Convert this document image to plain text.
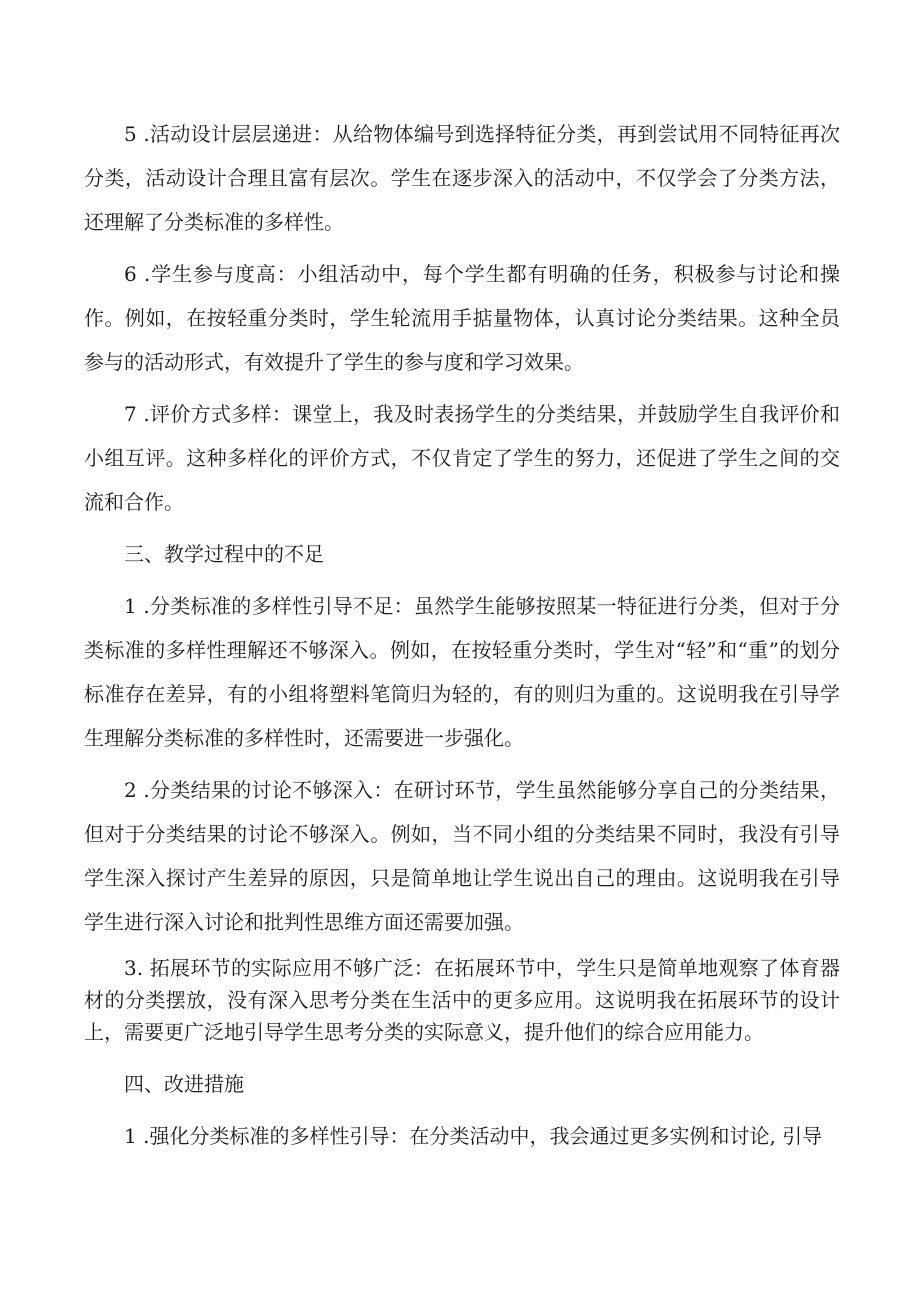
5 .活动设计层层递进：从给物体编号到选择特征分类，再到尝试用不同特征再次分类，活动设计合理且富有层次。学生在逐步深入的活动中，不仅学会了分类方法，还理解了分类标准的多样性。

6 .学生参与度高：小组活动中，每个学生都有明确的任务，积极参与讨论和操作。例如，在按轻重分类时，学生轮流用手掂量物体，认真讨论分类结果。这种全员参与的活动形式，有效提升了学生的参与度和学习效果。

7 .评价方式多样：课堂上，我及时表扬学生的分类结果，并鼓励学生自我评价和小组互评。这种多样化的评价方式，不仅肯定了学生的努力，还促进了学生之间的交流和合作。

三、教学过程中的不足

1 .分类标准的多样性引导不足：虽然学生能够按照某一特征进行分类，但对于分类标准的多样性理解还不够深入。例如，在按轻重分类时，学生对“轻”和“重”的划分标准存在差异，有的小组将塑料笔筒归为轻的，有的则归为重的。这说明我在引导学生理解分类标准的多样性时，还需要进一步强化。

2 .分类结果的讨论不够深入：在研讨环节，学生虽然能够分享自己的分类结果，但对于分类结果的讨论不够深入。例如，当不同小组的分类结果不同时，我没有引导学生深入探讨产生差异的原因，只是简单地让学生说出自己的理由。这说明我在引导学生进行深入讨论和批判性思维方面还需要加强。

3. 拓展环节的实际应用不够广泛：在拓展环节中，学生只是简单地观察了体育器材的分类摆放，没有深入思考分类在生活中的更多应用。这说明我在拓展环节的设计上，需要更广泛地引导学生思考分类的实际意义，提升他们的综合应用能力。

四、改进措施

1 .强化分类标准的多样性引导：在分类活动中，我会通过更多实例和讨论, 引导
